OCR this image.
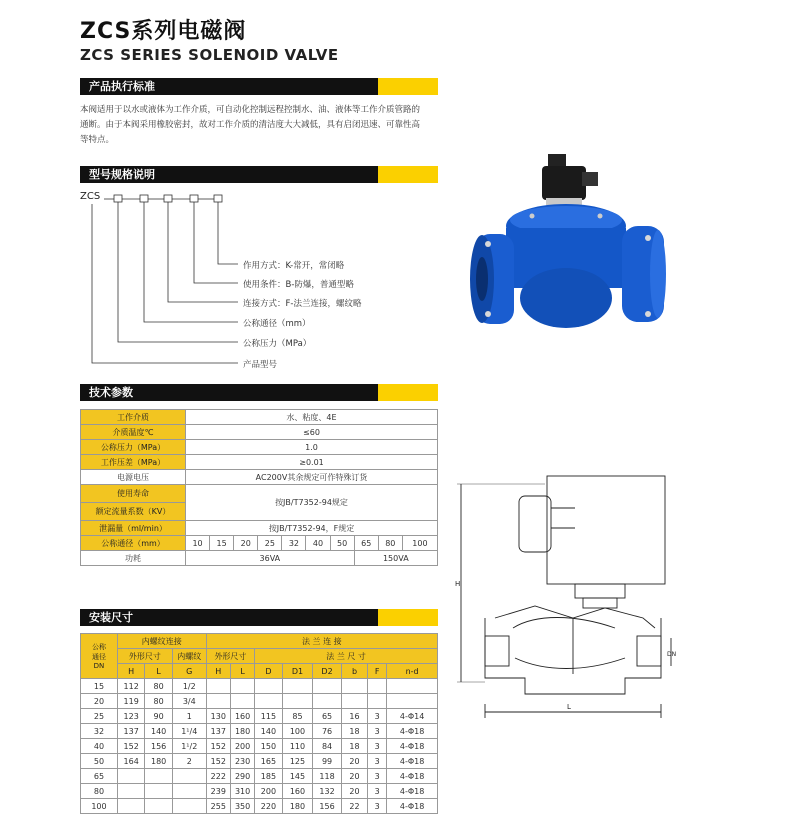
ZCS系列电磁阀
ZCS SERIES SOLENOID VALVE
产品执行标准
本阀适用于以水或液体为工作介质，可自动化控制远程控制水、油、液体等工作介质管路的
通断。由于本阀采用橡胶密封，故对工作介质的清洁度大大减低，具有启闭迅速、可靠性高
等特点。
型号规格说明
ZCS
作用方式：K-常开，常闭略
使用条件：B-防爆，普通型略
连接方式：F-法兰连接，螺纹略
公称通径（mm）
公称压力（MPa）
产品型号
技术参数
工作介质	水、粘度、4E									
介质温度℃	≤60									
公称压力（MPa）	1.0									
工作压差（MPa）	≥0.01									
电源电压	AC200V其余规定可作特殊订货									
使用寿命	按JB/T7352-94规定									
额定流量系数（KV）										
泄漏量（ml/min）	按JB/T7352-94，F规定									
公称通径（mm）	10	15	20	25	32	40	50	65	80	100
功耗	36VA							150VA		
安装尺寸
公称
通径
DN	内螺纹连接			法 兰 连 接							
	外形尺寸		内螺纹	外形尺寸		法 兰 尺 寸					
	H	L	G	H	L	D	D1	D2	b	F	n-d
15	112	80	1/2								
20	119	80	3/4								
25	123	90	1	130	160	115	85	65	16	3	4-Φ14
32	137	140	1¹/4	137	180	140	100	76	18	3	4-Φ18
40	152	156	1¹/2	152	200	150	110	84	18	3	4-Φ18
50	164	180	2	152	230	165	125	99	20	3	4-Φ18
65				222	290	185	145	118	20	3	4-Φ18
80				239	310	200	160	132	20	3	4-Φ18
100				255	350	220	180	156	22	3	4-Φ18
H
L
DN
